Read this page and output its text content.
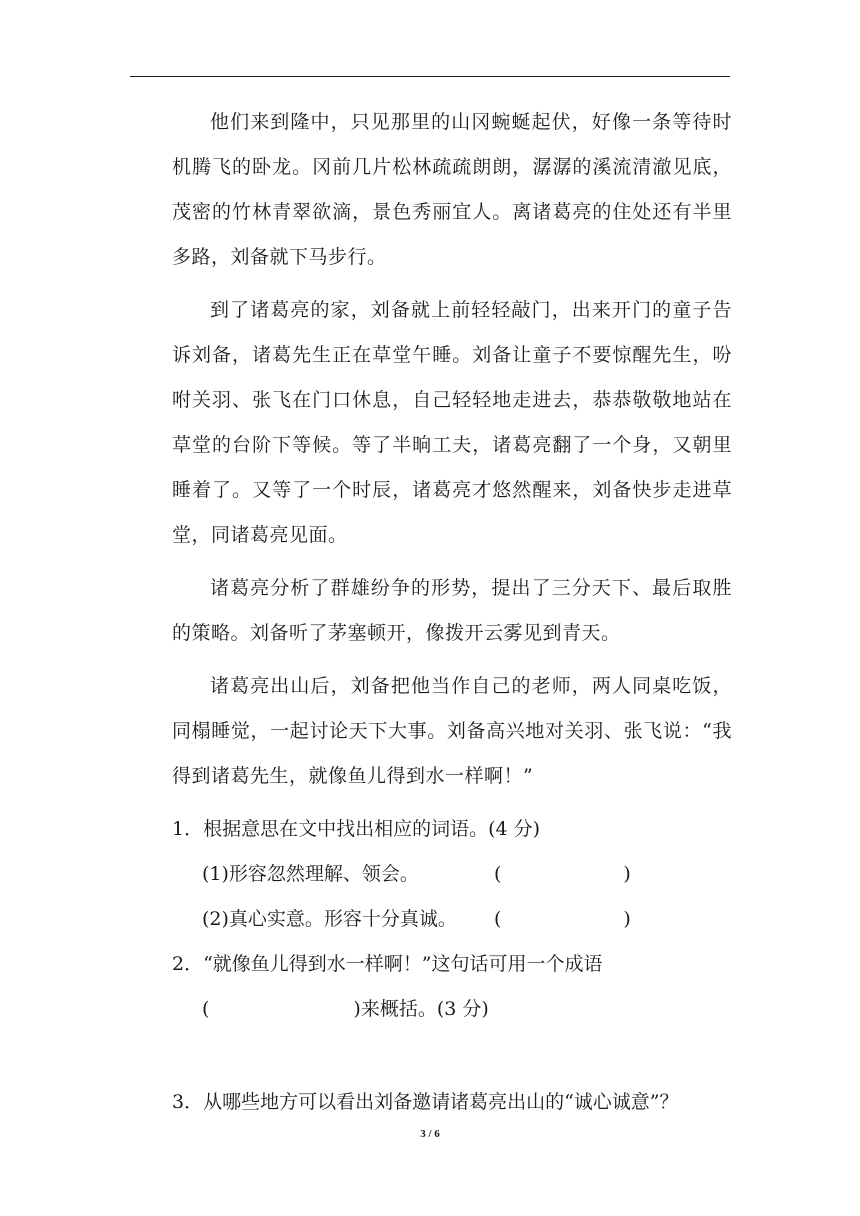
他们来到隆中，只见那里的山冈蜿蜒起伏，好像一条等待时机腾飞的卧龙。冈前几片松林疏疏朗朗，潺潺的溪流清澈见底，茂密的竹林青翠欲滴，景色秀丽宜人。离诸葛亮的住处还有半里多路，刘备就下马步行。

到了诸葛亮的家，刘备就上前轻轻敲门，出来开门的童子告诉刘备，诸葛先生正在草堂午睡。刘备让童子不要惊醒先生，吩咐关羽、张飞在门口休息，自己轻轻地走进去，恭恭敬敬地站在草堂的台阶下等候。等了半晌工夫，诸葛亮翻了一个身，又朝里睡着了。又等了一个时辰，诸葛亮才悠然醒来，刘备快步走进草堂，同诸葛亮见面。

诸葛亮分析了群雄纷争的形势，提出了三分天下、最后取胜的策略。刘备听了茅塞顿开，像拨开云雾见到青天。

诸葛亮出山后，刘备把他当作自己的老师，两人同桌吃饭，同榻睡觉，一起讨论天下大事。刘备高兴地对关羽、张飞说：“我得到诸葛先生，就像鱼儿得到水一样啊！”

1．根据意思在文中找出相应的词语。(4 分)

(1)形容忽然理解、领会。	(	)

(2)真心实意。形容十分真诚。 (	)

2．“就像鱼儿得到水一样啊！”这句话可用一个成语

(	)来概括。(3 分)

3．从哪些地方可以看出刘备邀请诸葛亮出山的“诚心诚意”？

3 / 6
